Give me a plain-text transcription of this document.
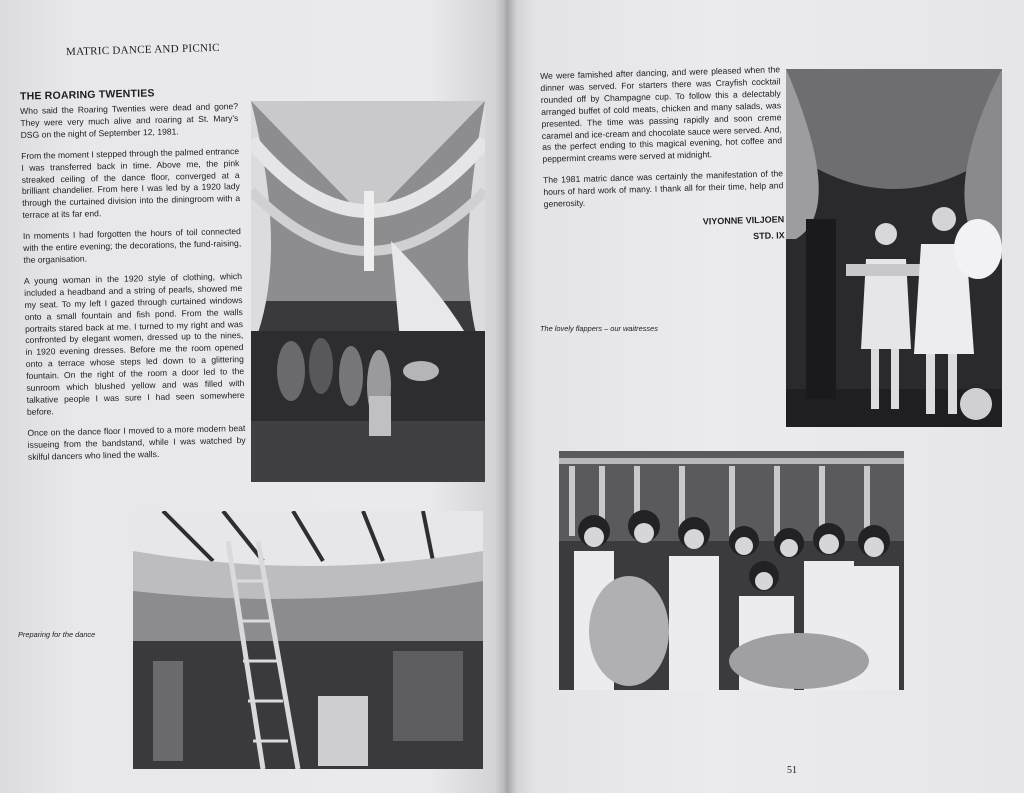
MATRIC DANCE AND PICNIC
THE ROARING TWENTIES

Who said the Roaring Twenties were dead and gone? They were very much alive and roaring at St. Mary's DSG on the night of September 12, 1981.

From the moment I stepped through the palmed entrance I was transferred back in time. Above me, the pink streaked ceiling of the dance floor, converged at a brilliant chandelier. From here I was led by a 1920 lady through the curtained division into the diningroom with a terrace at its far end.

In moments I had forgotten the hours of toil connected with the entire evening; the decorations, the fund-raising, the organisation.

A young woman in the 1920 style of clothing, which included a headband and a string of pearls, showed me my seat. To my left I gazed through curtained windows onto a small fountain and fish pond. From the walls portraits stared back at me. I turned to my right and was confronted by elegant women, dressed up to the nines, in 1920 evening dresses. Before me the room opened onto a terrace whose steps led down to a glittering fountain. On the right of the room a door led to the sunroom which blushed yellow and was filled with talkative people I was sure I had seen somewhere before.

Once on the dance floor I moved to a more modern beat issueing from the bandstand, while I was watched by skilful dancers who lined the walls.

Preparing for the dance

We were famished after dancing, and were pleased when the dinner was served. For starters there was Crayfish cocktail rounded off by Champagne cup. To follow this a delectably arranged buffet of cold meats, chicken and many salads, was presented. The time was passing rapidly and soon creme caramel and ice-cream and chocolate sauce were served. And, as the perfect ending to this magical evening, hot coffee and peppermint creams were served at midnight.

The 1981 matric dance was certainly the manifestation of the hours of hard work of many. I thank all for their time, help and generosity.

VIYONNE VILJOEN
STD. IX
The lovely flappers – our waitresses
51
